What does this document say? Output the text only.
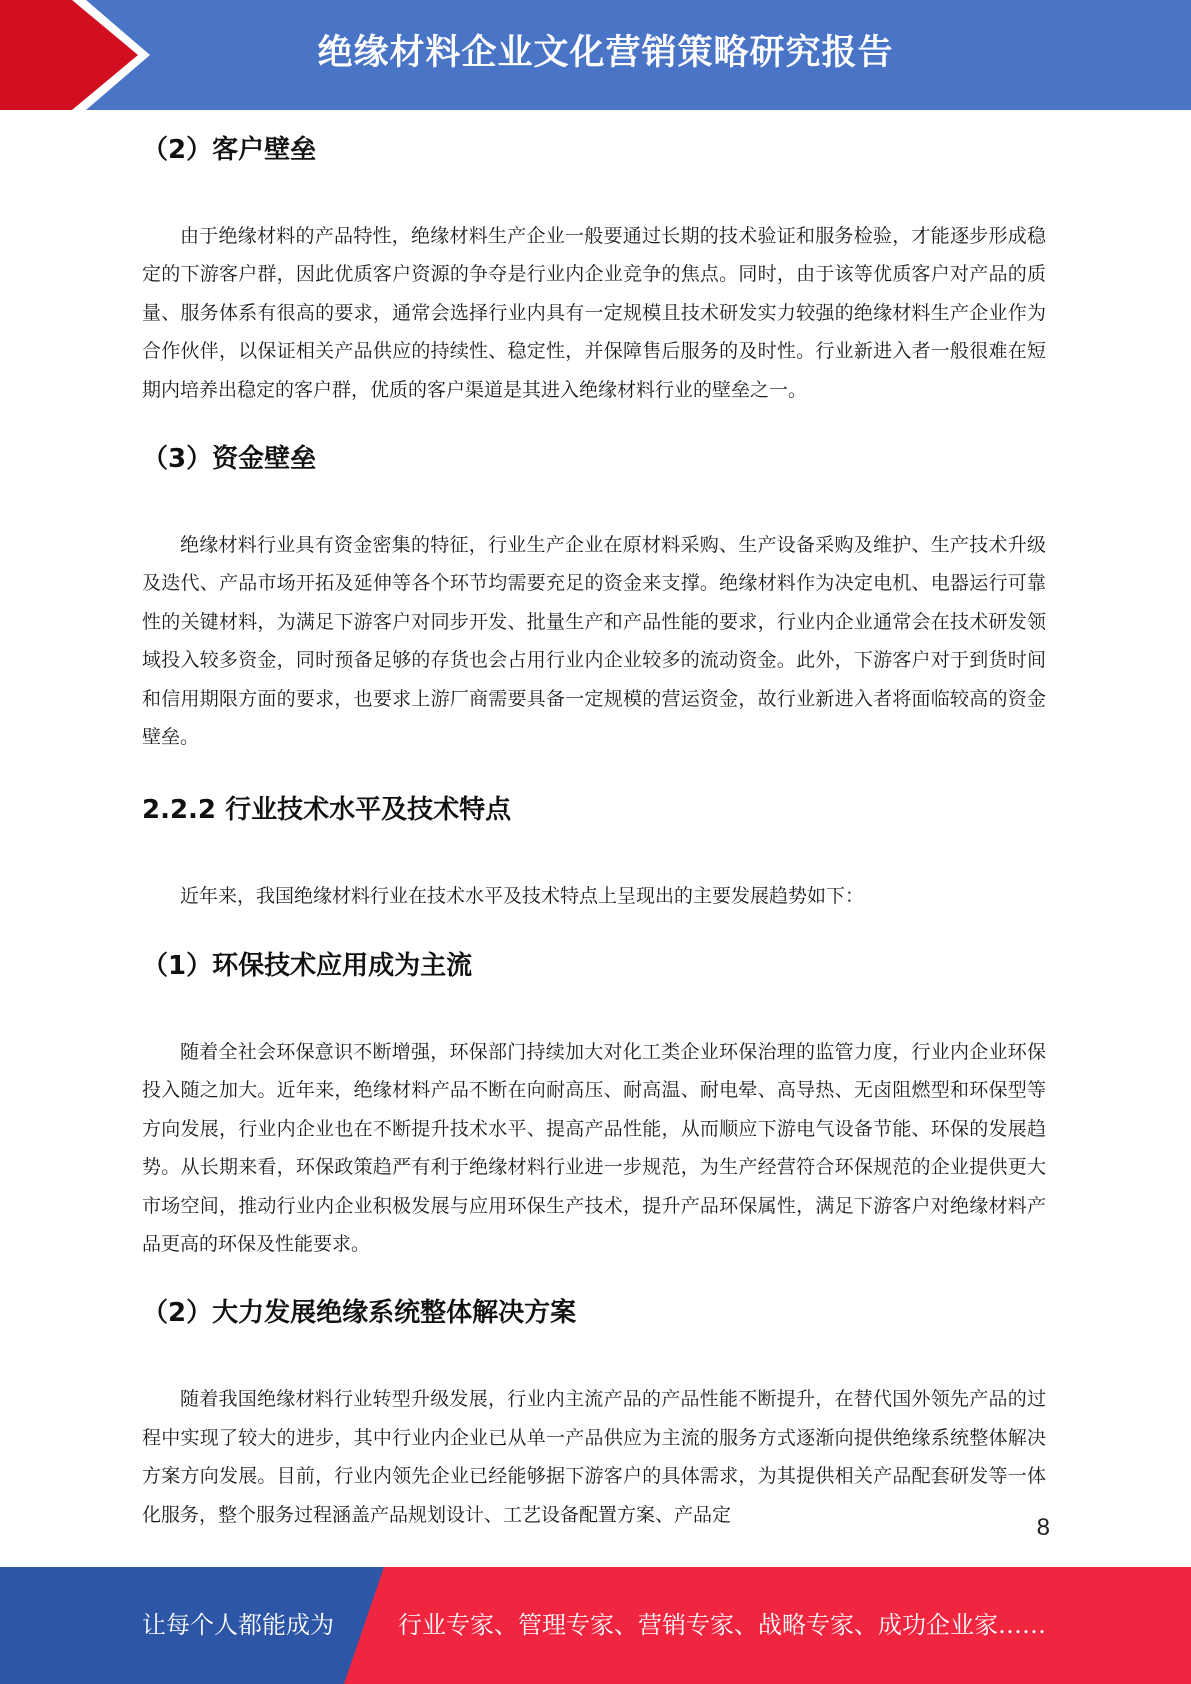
绝缘材料企业文化营销策略研究报告
（2）客户壁垒

由于绝缘材料的产品特性，绝缘材料生产企业一般要通过长期的技术验证和服务检验，才能逐步形成稳定的下游客户群，因此优质客户资源的争夺是行业内企业竞争的焦点。同时，由于该等优质客户对产品的质量、服务体系有很高的要求，通常会选择行业内具有一定规模且技术研发实力较强的绝缘材料生产企业作为合作伙伴，以保证相关产品供应的持续性、稳定性，并保障售后服务的及时性。行业新进入者一般很难在短期内培养出稳定的客户群，优质的客户渠道是其进入绝缘材料行业的壁垒之一。

（3）资金壁垒

绝缘材料行业具有资金密集的特征，行业生产企业在原材料采购、生产设备采购及维护、生产技术升级及迭代、产品市场开拓及延伸等各个环节均需要充足的资金来支撑。绝缘材料作为决定电机、电器运行可靠性的关键材料，为满足下游客户对同步开发、批量生产和产品性能的要求，行业内企业通常会在技术研发领域投入较多资金，同时预备足够的存货也会占用行业内企业较多的流动资金。此外，下游客户对于到货时间和信用期限方面的要求，也要求上游厂商需要具备一定规模的营运资金，故行业新进入者将面临较高的资金壁垒。

2.2.2 行业技术水平及技术特点

近年来，我国绝缘材料行业在技术水平及技术特点上呈现出的主要发展趋势如下：

（1）环保技术应用成为主流

随着全社会环保意识不断增强，环保部门持续加大对化工类企业环保治理的监管力度，行业内企业环保投入随之加大。近年来，绝缘材料产品不断在向耐高压、耐高温、耐电晕、高导热、无卤阻燃型和环保型等方向发展，行业内企业也在不断提升技术水平、提高产品性能，从而顺应下游电气设备节能、环保的发展趋势。从长期来看，环保政策趋严有利于绝缘材料行业进一步规范，为生产经营符合环保规范的企业提供更大市场空间，推动行业内企业积极发展与应用环保生产技术，提升产品环保属性，满足下游客户对绝缘材料产品更高的环保及性能要求。

（2）大力发展绝缘系统整体解决方案

随着我国绝缘材料行业转型升级发展，行业内主流产品的产品性能不断提升，在替代国外领先产品的过程中实现了较大的进步，其中行业内企业已从单一产品供应为主流的服务方式逐渐向提供绝缘系统整体解决方案方向发展。目前，行业内领先企业已经能够据下游客户的具体需求，为其提供相关产品配套研发等一体化服务，整个服务过程涵盖产品规划设计、工艺设备配置方案、产品定	8
让每个人都能成为	行业专家、管理专家、营销专家、战略专家、成功企业家……
